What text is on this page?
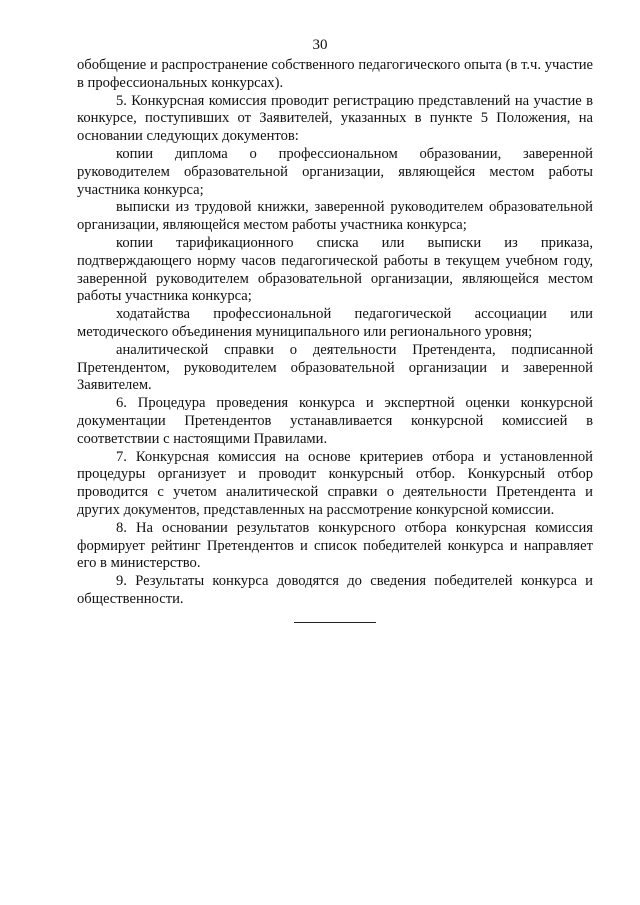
30

обобщение и распространение собственного педагогического опыта (в т.ч. участие в профессиональных конкурсах).

5. Конкурсная комиссия проводит регистрацию представлений на участие в конкурсе, поступивших от Заявителей, указанных в пункте 5 Положения, на основании следующих документов:

копии диплома о профессиональном образовании, заверенной руководителем образовательной организации, являющейся местом работы участника конкурса;

выписки из трудовой книжки, заверенной руководителем образовательной организации, являющейся местом работы участника конкурса;

копии тарификационного списка или выписки из приказа, подтверждающего норму часов педагогической работы в текущем учебном году, заверенной руководителем образовательной организации, являющейся местом работы участника конкурса;

ходатайства профессиональной педагогической ассоциации или методического объединения муниципального или регионального уровня;

аналитической справки о деятельности Претендента, подписанной Претендентом, руководителем образовательной организации и заверенной Заявителем.

6. Процедура проведения конкурса и экспертной оценки конкурсной документации Претендентов устанавливается конкурсной комиссией в соответствии с настоящими Правилами.

7. Конкурсная комиссия на основе критериев отбора и установленной процедуры организует и проводит конкурсный отбор. Конкурсный отбор проводится с учетом аналитической справки о деятельности Претендента и других документов, представленных на рассмотрение конкурсной комиссии.

8. На основании результатов конкурсного отбора конкурсная комиссия формирует рейтинг Претендентов и список победителей конкурса и направляет его в министерство.

9. Результаты конкурса доводятся до сведения победителей конкурса и общественности.
